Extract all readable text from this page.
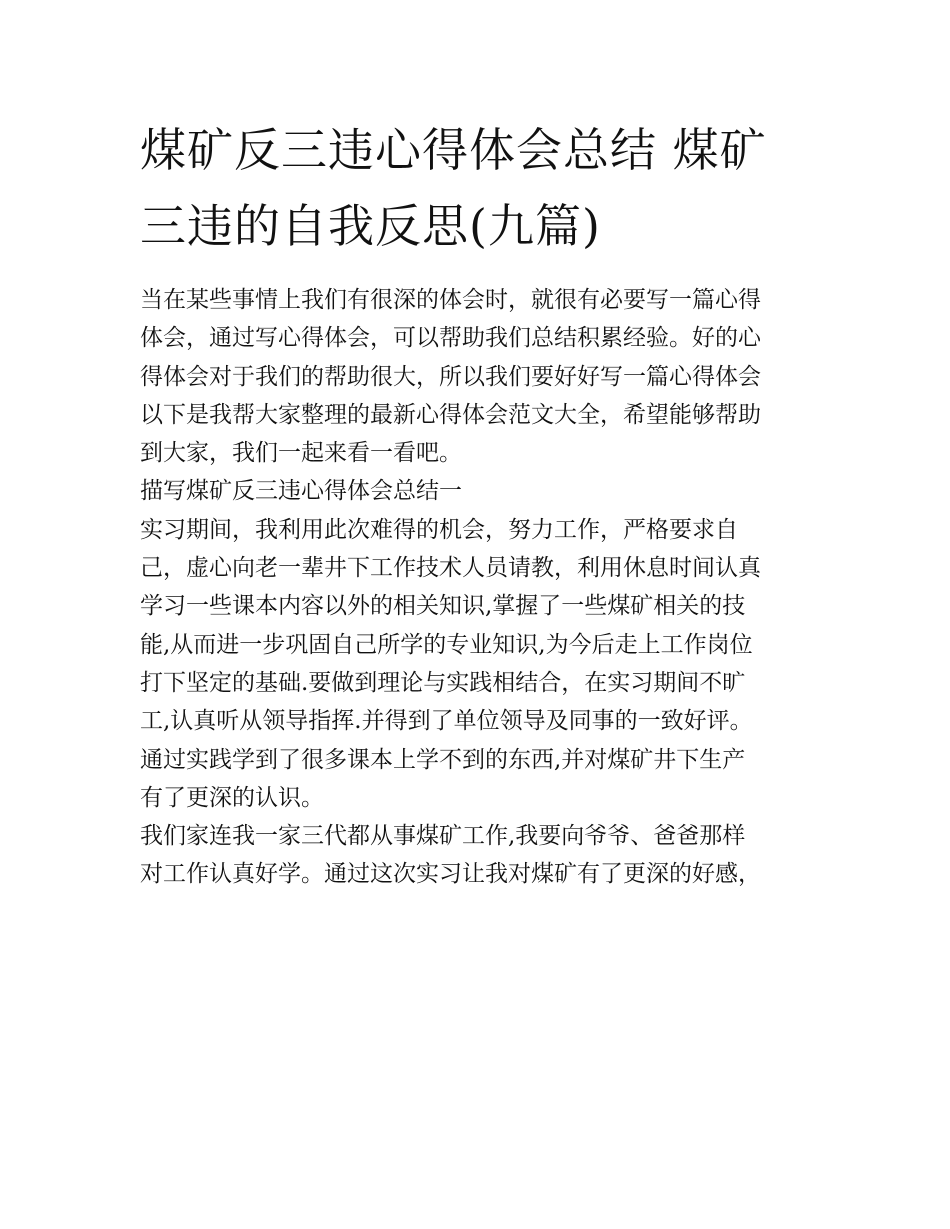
煤矿反三违心得体会总结 煤矿
三违的自我反思(九篇)
当在某些事情上我们有很深的体会时，就很有必要写一篇心得
体会，通过写心得体会，可以帮助我们总结积累经验。好的心
得体会对于我们的帮助很大，所以我们要好好写一篇心得体会
以下是我帮大家整理的最新心得体会范文大全，希望能够帮助
到大家，我们一起来看一看吧。
描写煤矿反三违心得体会总结一
实习期间，我利用此次难得的机会，努力工作，严格要求自
己，虚心向老一辈井下工作技术人员请教，利用休息时间认真
学习一些课本内容以外的相关知识,掌握了一些煤矿相关的技
能,从而进一步巩固自己所学的专业知识,为今后走上工作岗位
打下坚定的基础.要做到理论与实践相结合，在实习期间不旷
工,认真听从领导指挥.并得到了单位领导及同事的一致好评。
通过实践学到了很多课本上学不到的东西,并对煤矿井下生产
有了更深的认识。
我们家连我一家三代都从事煤矿工作,我要向爷爷、爸爸那样
对工作认真好学。通过这次实习让我对煤矿有了更深的好感，
